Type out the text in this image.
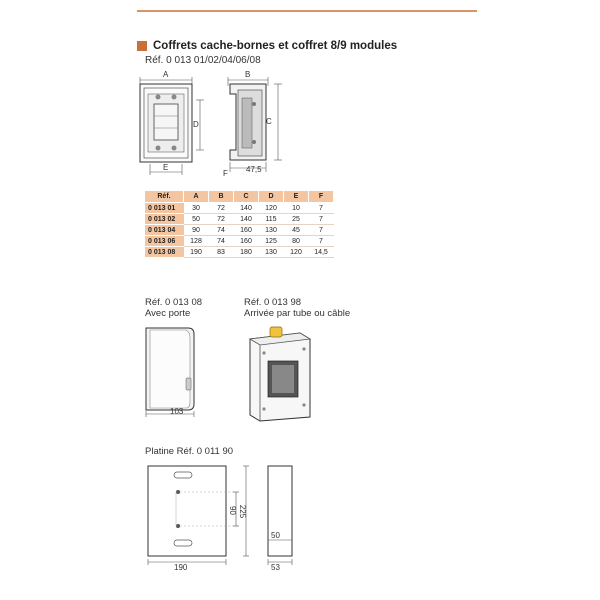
Coffrets cache-bornes et coffret 8/9 modules
Réf. 0 013 01/02/04/06/08
A
D
E
B
C
F 47,5
Réf.	A	B	C	D	E	F
0 013 01	30	72	140	120	10	7
0 013 02	50	72	140	115	25	7
0 013 04	90	74	160	130	45	7
0 013 06	128	74	160	125	80	7
0 013 08	190	83	180	130	120	14,5
Réf. 0 013 08
Avec porte
103
Réf. 0 013 98
Arrivée par tube ou câble
Platine Réf. 0 011 90
190
90 225
50
53
